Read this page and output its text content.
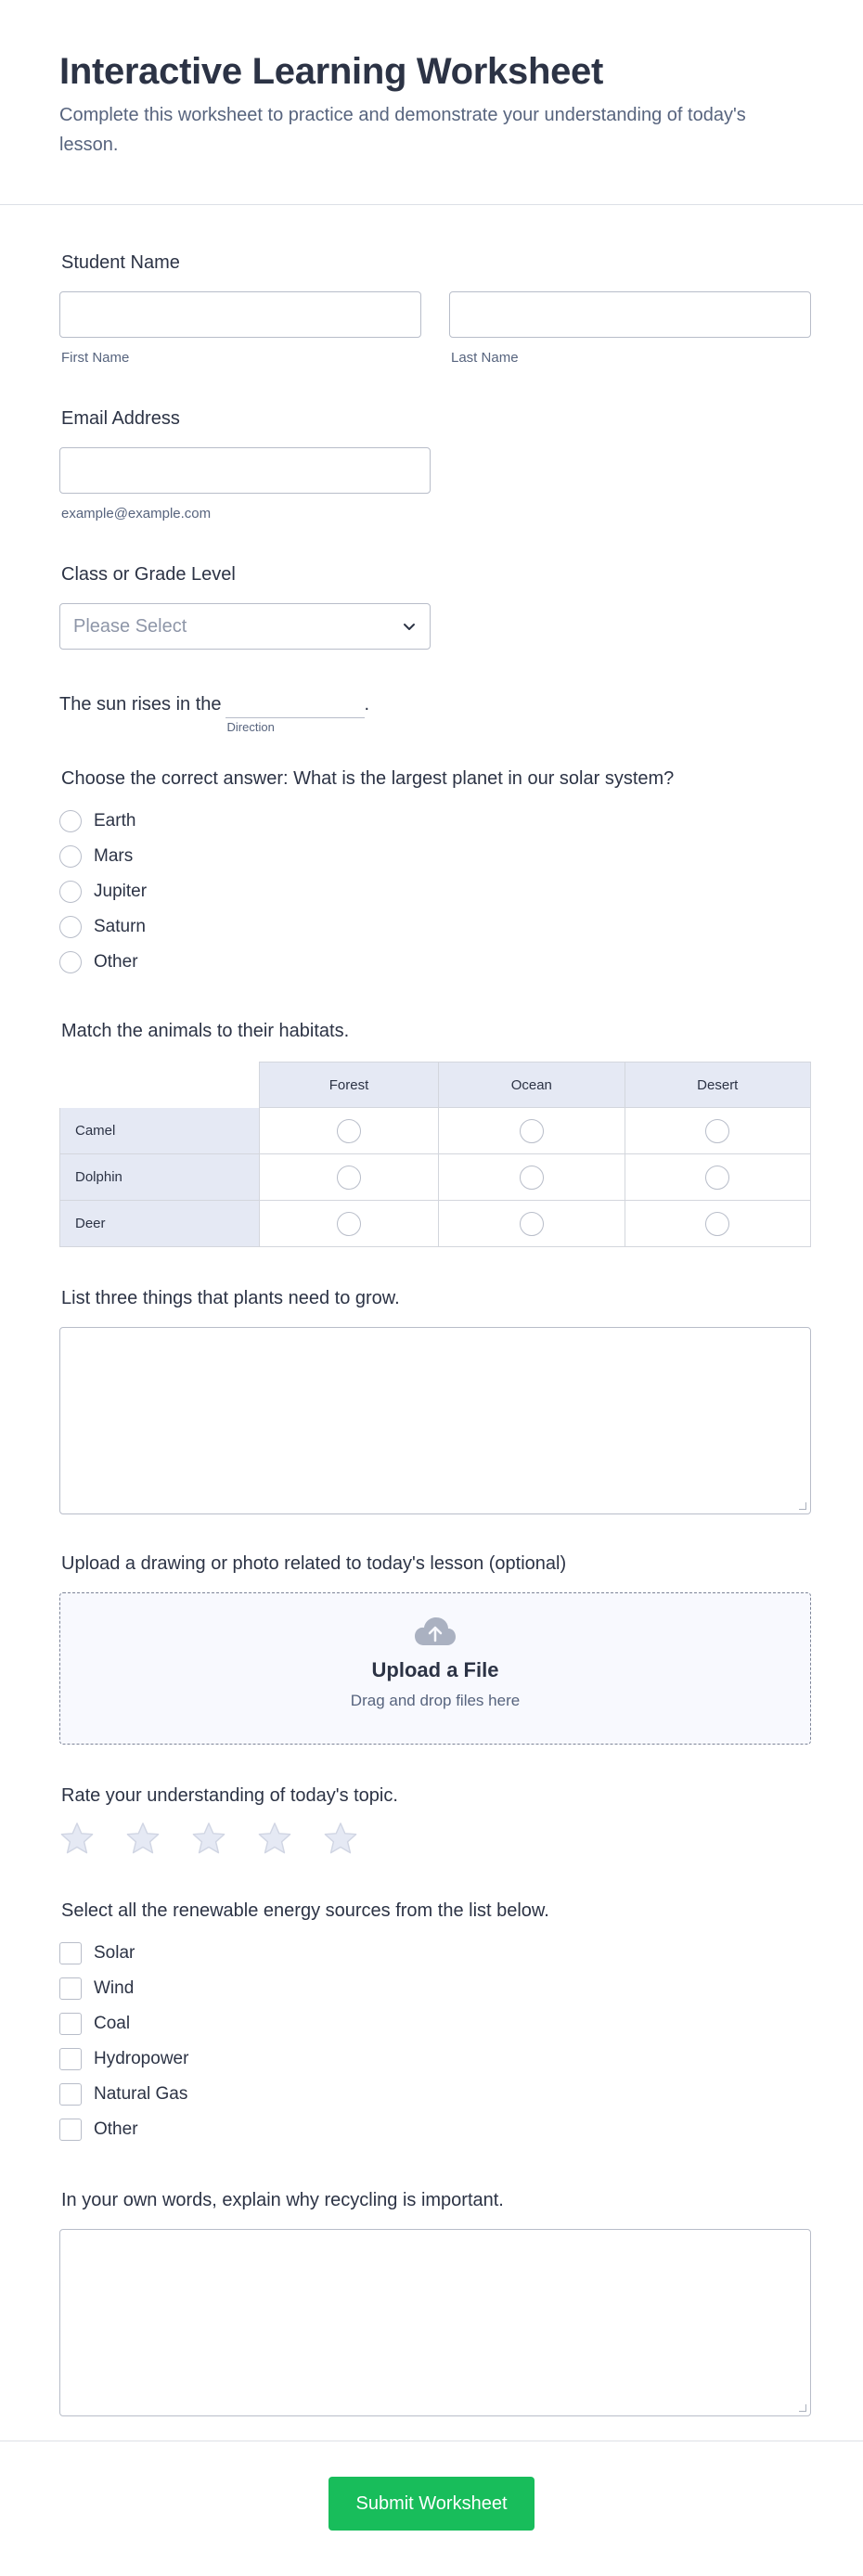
Interactive Learning Worksheet

Complete this worksheet to practice and demonstrate your understanding of today's lesson.

Student Name
First Name	Last Name
Email Address
example@example.com
Class or Grade Level
Please Select
The sun rises in the
Direction
.
Choose the correct answer: What is the largest planet in our solar system?
Earth
Mars
Jupiter
Saturn
Other
Match the animals to their habitats.
	Forest	Ocean	Desert
Camel			
Dolphin			
Deer			
List three things that plants need to grow.
Upload a drawing or photo related to today's lesson (optional)
Upload a File
Drag and drop files here
Rate your understanding of today's topic.
Select all the renewable energy sources from the list below.
Solar
Wind
Coal
Hydropower
Natural Gas
Other
In your own words, explain why recycling is important.
Submit Worksheet
